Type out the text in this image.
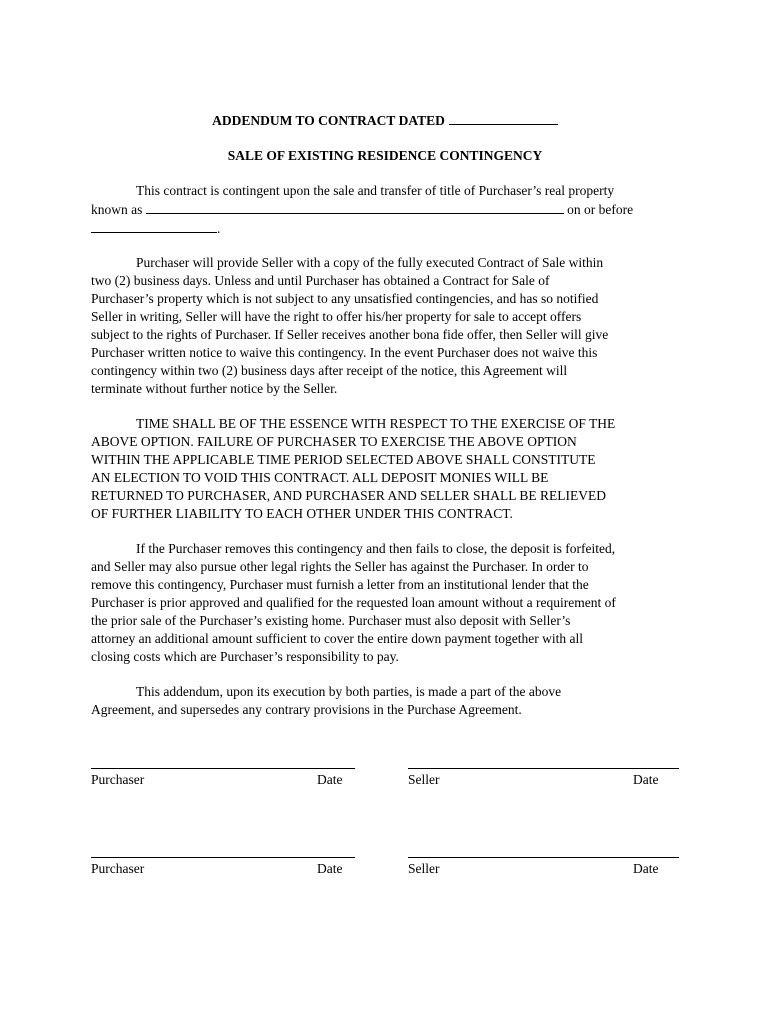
ADDENDUM TO CONTRACT DATED
SALE OF EXISTING RESIDENCE CONTINGENCY
This contract is contingent upon the sale and transfer of title of Purchaser’s real property
known as	on or before
.
Purchaser will provide Seller with a copy of the fully executed Contract of Sale within
two (2) business days. Unless and until Purchaser has obtained a Contract for Sale of
Purchaser’s property which is not subject to any unsatisfied contingencies, and has so notified
Seller in writing, Seller will have the right to offer his/her property for sale to accept offers
subject to the rights of Purchaser. If Seller receives another bona fide offer, then Seller will give
Purchaser written notice to waive this contingency. In the event Purchaser does not waive this
contingency within two (2) business days after receipt of the notice, this Agreement will
terminate without further notice by the Seller.
TIME SHALL BE OF THE ESSENCE WITH RESPECT TO THE EXERCISE OF THE
ABOVE OPTION. FAILURE OF PURCHASER TO EXERCISE THE ABOVE OPTION
WITHIN THE APPLICABLE TIME PERIOD SELECTED ABOVE SHALL CONSTITUTE
AN ELECTION TO VOID THIS CONTRACT. ALL DEPOSIT MONIES WILL BE
RETURNED TO PURCHASER, AND PURCHASER AND SELLER SHALL BE RELIEVED
OF FURTHER LIABILITY TO EACH OTHER UNDER THIS CONTRACT.
If the Purchaser removes this contingency and then fails to close, the deposit is forfeited,
and Seller may also pursue other legal rights the Seller has against the Purchaser. In order to
remove this contingency, Purchaser must furnish a letter from an institutional lender that the
Purchaser is prior approved and qualified for the requested loan amount without a requirement of
the prior sale of the Purchaser’s existing home. Purchaser must also deposit with Seller’s
attorney an additional amount sufficient to cover the entire down payment together with all
closing costs which are Purchaser’s responsibility to pay.
This addendum, upon its execution by both parties, is made a part of the above
Agreement, and supersedes any contrary provisions in the Purchase Agreement.
Purchaser	Date	Seller	Date
Purchaser	Date	Seller	Date
